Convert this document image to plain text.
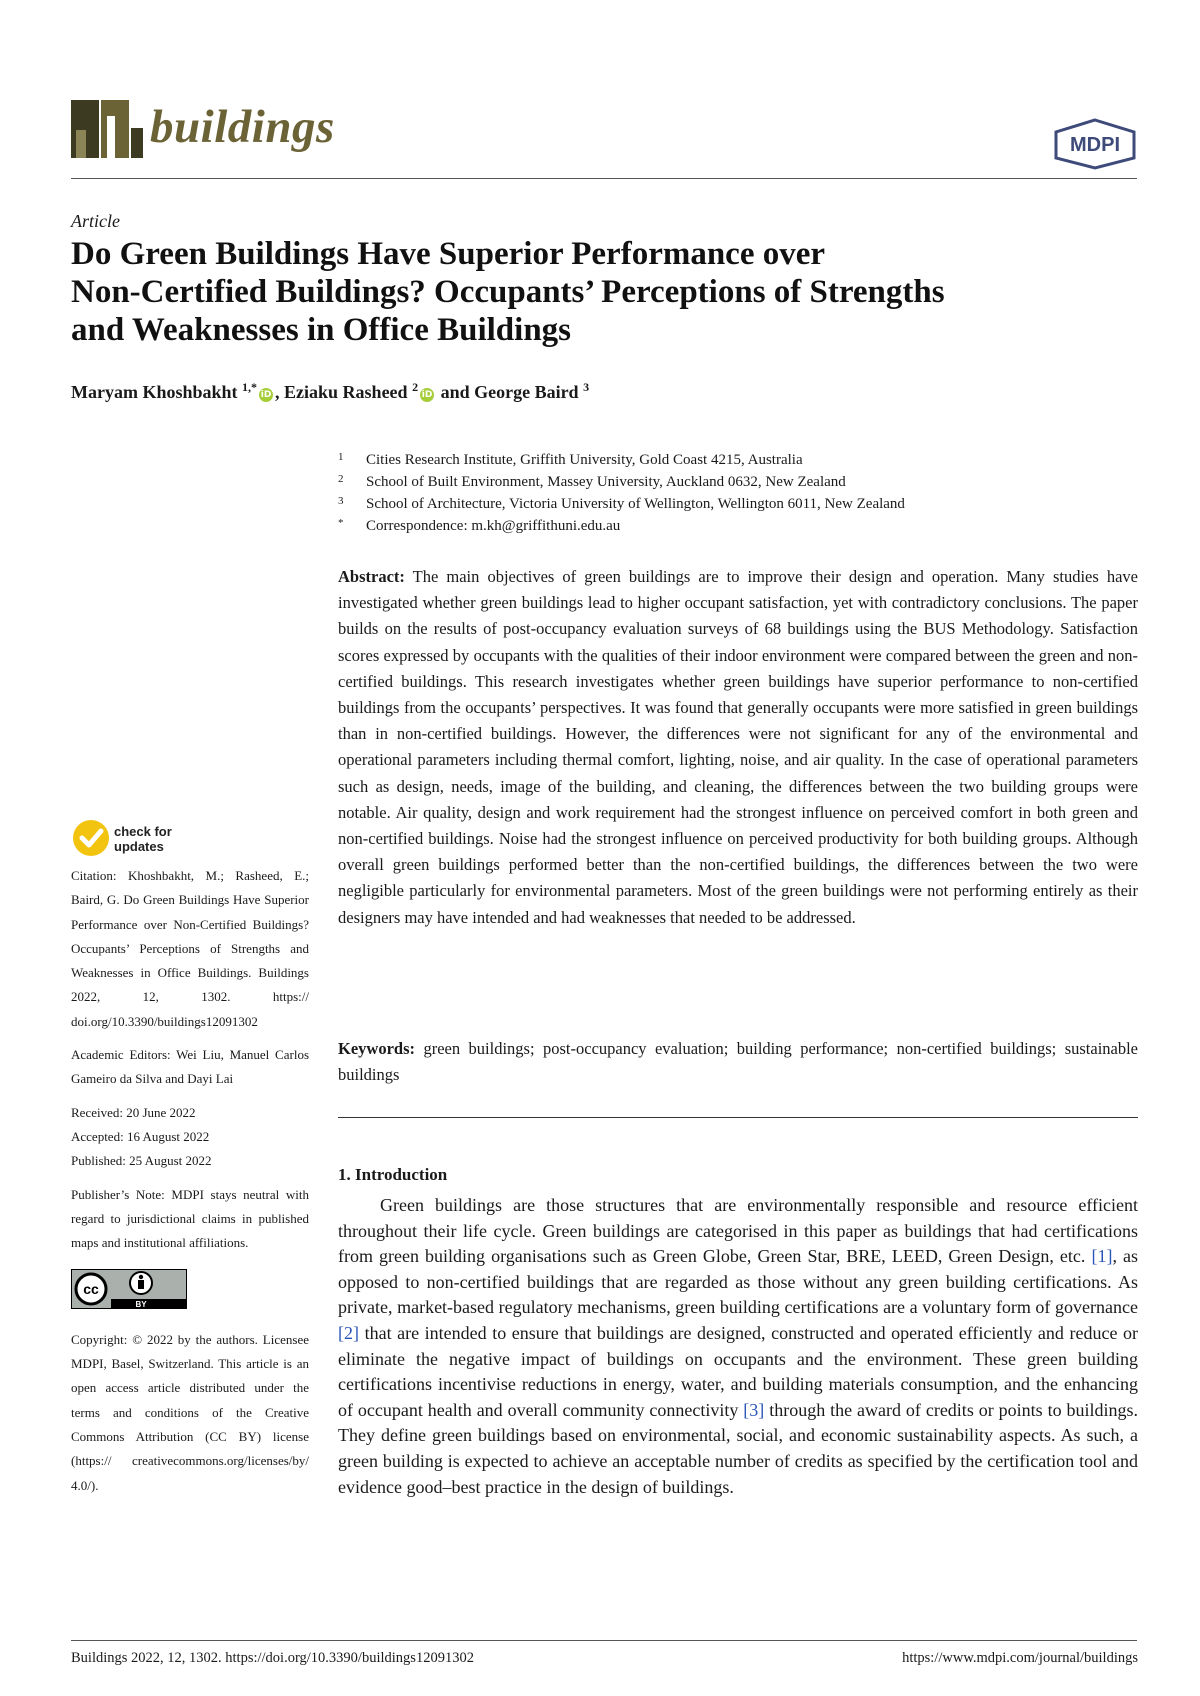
buildings	MDPI
Article
Do Green Buildings Have Superior Performance over
Non-Certified Buildings? Occupants’ Perceptions of Strengths
and Weaknesses in Office Buildings
Maryam Khoshbakht $^{1,*}$iD , Eziaku Rasheed $^2$iD and George Baird $^3$
1 Cities Research Institute, Griffith University, Gold Coast 4215, Australia
2 School of Built Environment, Massey University, Auckland 0632, New Zealand
3 School of Architecture, Victoria University of Wellington, Wellington 6011, New Zealand
* Correspondence: m.kh@griffithuni.edu.au
Abstract: The main objectives of green buildings are to improve their design and operation. Many studies have investigated whether green buildings lead to higher occupant satisfaction, yet with contradictory conclusions. The paper builds on the results of post-occupancy evaluation surveys of 68 buildings using the BUS Methodology. Satisfaction scores expressed by occupants with the qualities of their indoor environment were compared between the green and non-certified buildings. This research investigates whether green buildings have superior performance to non-certified buildings from the occupants’ perspectives. It was found that generally occupants were more satisfied in green buildings than in non-certified buildings. However, the differences were not significant for any of the environmental and operational parameters including thermal comfort, lighting, noise, and air quality. In the case of operational parameters such as design, needs, image of the building, and cleaning, the differences between the two building groups were notable. Air quality, design and work requirement had the strongest influence on perceived comfort in both green and non-certified buildings. Noise had the strongest influence on perceived productivity for both building groups. Although overall green buildings performed better than the non-certified buildings, the differences between the two were negligible particularly for environmental parameters. Most of the green buildings were not performing entirely as their designers may have intended and had weaknesses that needed to be addressed.
Keywords: green buildings; post-occupancy evaluation; building performance; non-certified buildings; sustainable buildings
1. Introduction
Green buildings are those structures that are environmentally responsible and resource efficient throughout their life cycle. Green buildings are categorised in this paper as buildings that had certifications from green building organisations such as Green Globe, Green Star, BRE, LEED, Green Design, etc. [1], as opposed to non-certified buildings that are regarded as those without any green building certifications. As private, market-based regulatory mechanisms, green building certifications are a voluntary form of governance [2] that are intended to ensure that buildings are designed, constructed and operated efficiently and reduce or eliminate the negative impact of buildings on occupants and the environment. These green building certifications incentivise reductions in energy, water, and building materials consumption, and the enhancing of occupant health and overall community connectivity [3] through the award of credits or points to buildings. They define green buildings based on environmental, social, and economic sustainability aspects. As such, a green building is expected to achieve an acceptable number of credits as specified by the certification tool and evidence good–best practice in the design of buildings.
check for
updates
Citation: Khoshbakht, M.; Rasheed, E.; Baird, G. Do Green Buildings Have Superior Performance over Non-Certified Buildings? Occupants’ Perceptions of Strengths and Weaknesses in Office Buildings. Buildings 2022, 12, 1302. https:// doi.org/10.3390/buildings12091302
Academic Editors: Wei Liu, Manuel Carlos Gameiro da Silva and Dayi Lai
Received: 20 June 2022
Accepted: 16 August 2022
Published: 25 August 2022
Publisher’s Note: MDPI stays neutral with regard to jurisdictional claims in published maps and institutional affiliations.
cc
BY
Copyright: © 2022 by the authors. Licensee MDPI, Basel, Switzerland. This article is an open access article distributed under the terms and conditions of the Creative Commons Attribution (CC BY) license (https:// creativecommons.org/licenses/by/ 4.0/).
Buildings 2022, 12, 1302. https://doi.org/10.3390/buildings12091302	https://www.mdpi.com/journal/buildings
